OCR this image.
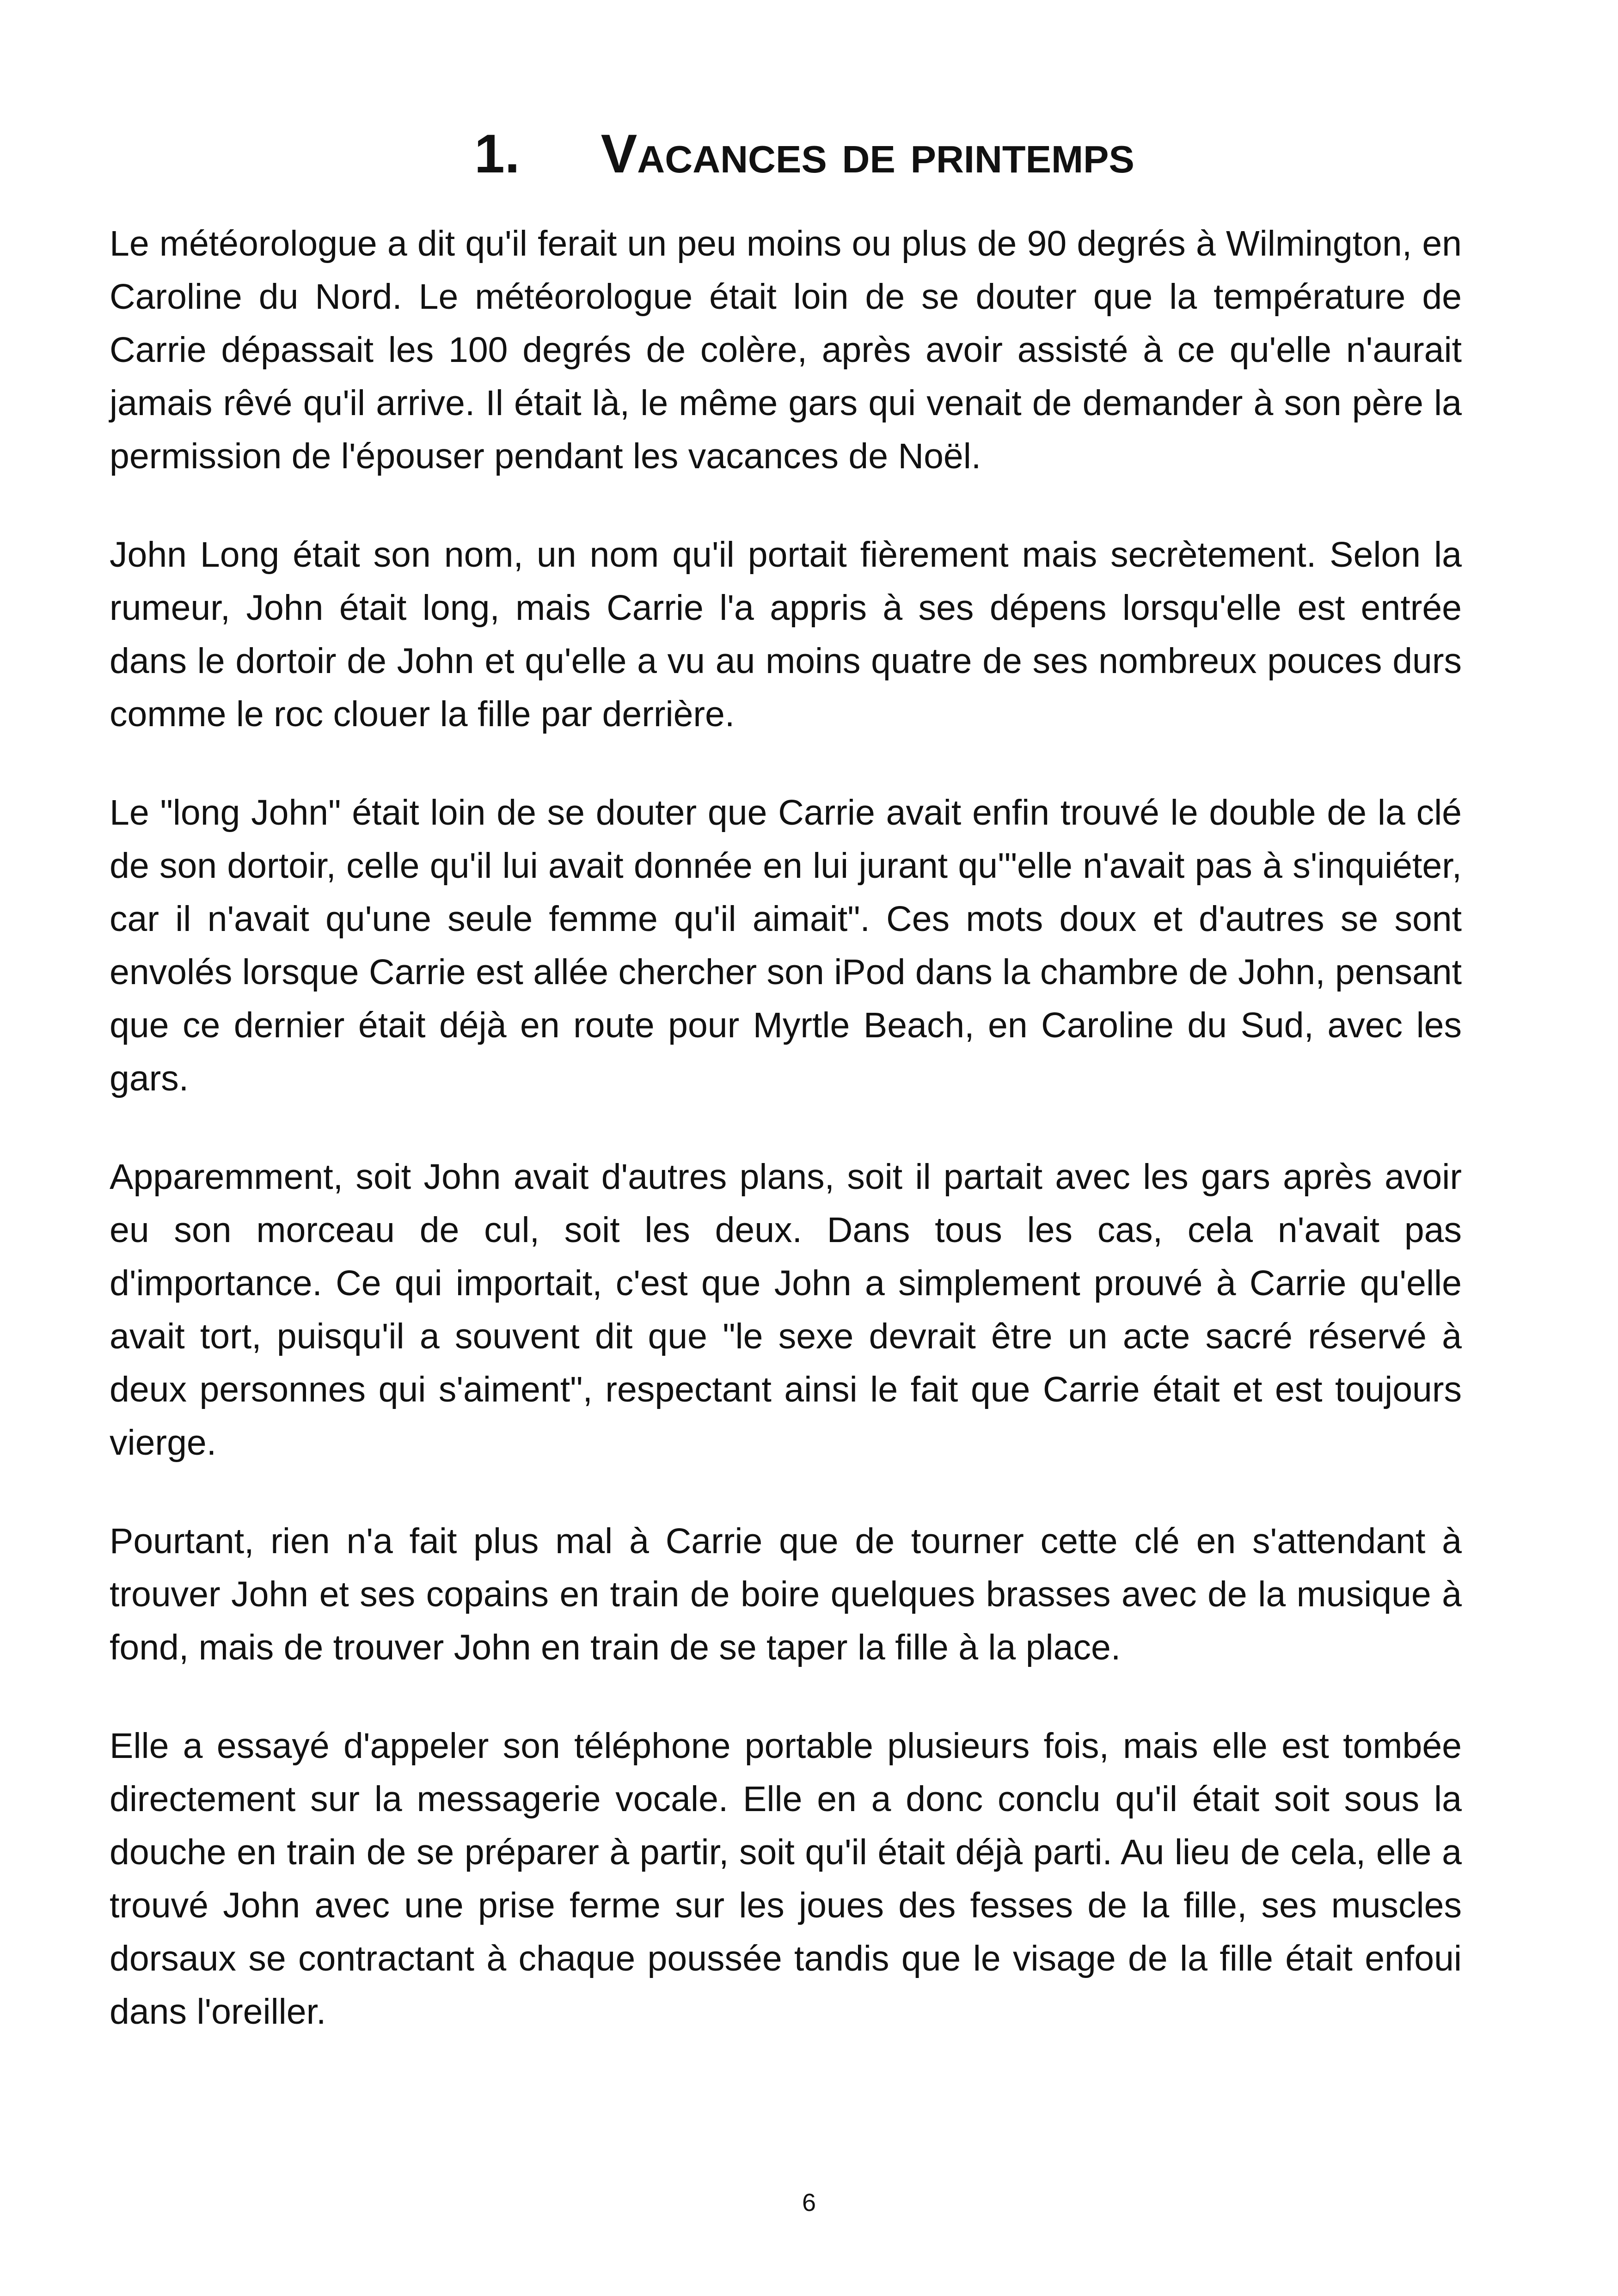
1. Vacances de printemps

Le météorologue a dit qu'il ferait un peu moins ou plus de 90 degrés à Wilmington, en Caroline du Nord. Le météorologue était loin de se douter que la température de Carrie dépassait les 100 degrés de colère, après avoir assisté à ce qu'elle n'aurait jamais rêvé qu'il arrive. Il était là, le même gars qui venait de demander à son père la permission de l'épouser pendant les vacances de Noël.

John Long était son nom, un nom qu'il portait fièrement mais secrètement. Selon la rumeur, John était long, mais Carrie l'a appris à ses dépens lorsqu'elle est entrée dans le dortoir de John et qu'elle a vu au moins quatre de ses nombreux pouces durs comme le roc clouer la fille par derrière.

Le "long John" était loin de se douter que Carrie avait enfin trouvé le double de la clé de son dortoir, celle qu'il lui avait donnée en lui jurant qu'"elle n'avait pas à s'inquiéter, car il n'avait qu'une seule femme qu'il aimait". Ces mots doux et d'autres se sont envolés lorsque Carrie est allée chercher son iPod dans la chambre de John, pensant que ce dernier était déjà en route pour Myrtle Beach, en Caroline du Sud, avec les gars.

Apparemment, soit John avait d'autres plans, soit il partait avec les gars après avoir eu son morceau de cul, soit les deux. Dans tous les cas, cela n'avait pas d'importance. Ce qui importait, c'est que John a simplement prouvé à Carrie qu'elle avait tort, puisqu'il a souvent dit que "le sexe devrait être un acte sacré réservé à deux personnes qui s'aiment", respectant ainsi le fait que Carrie était et est toujours vierge.

Pourtant, rien n'a fait plus mal à Carrie que de tourner cette clé en s'attendant à trouver John et ses copains en train de boire quelques brasses avec de la musique à fond, mais de trouver John en train de se taper la fille à la place.

Elle a essayé d'appeler son téléphone portable plusieurs fois, mais elle est tombée directement sur la messagerie vocale. Elle en a donc conclu qu'il était soit sous la douche en train de se préparer à partir, soit qu'il était déjà parti. Au lieu de cela, elle a trouvé John avec une prise ferme sur les joues des fesses de la fille, ses muscles dorsaux se contractant à chaque poussée tandis que le visage de la fille était enfoui dans l'oreiller.

6
